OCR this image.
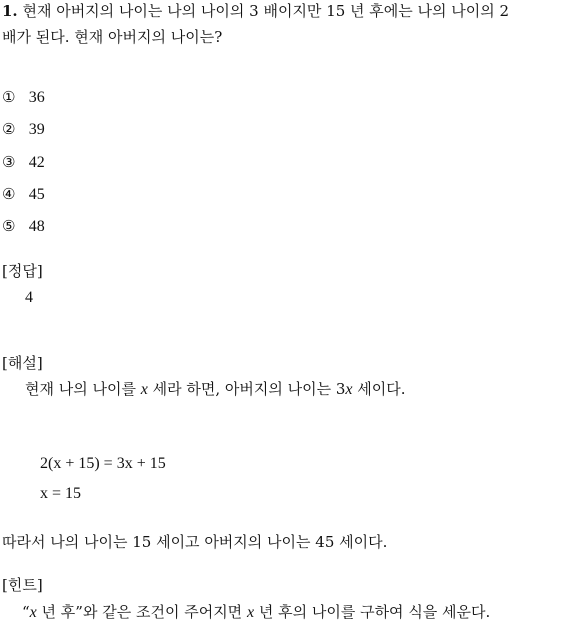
1. 현재 아버지의 나이는 나의 나이의 3 배이지만 15 년 후에는 나의 나이의 2
배가 된다. 현재 아버지의 나이는?
① 36
② 39
③ 42
④ 45
⑤ 48
[정답]
4
[해설]
현재 나의 나이를 x 세라 하면, 아버지의 나이는 3x 세이다.
2(x + 15) = 3x + 15
x = 15
따라서 나의 나이는 15 세이고 아버지의 나이는 45 세이다.
[힌트]
“x 년 후”와 같은 조건이 주어지면 x 년 후의 나이를 구하여 식을 세운다.
